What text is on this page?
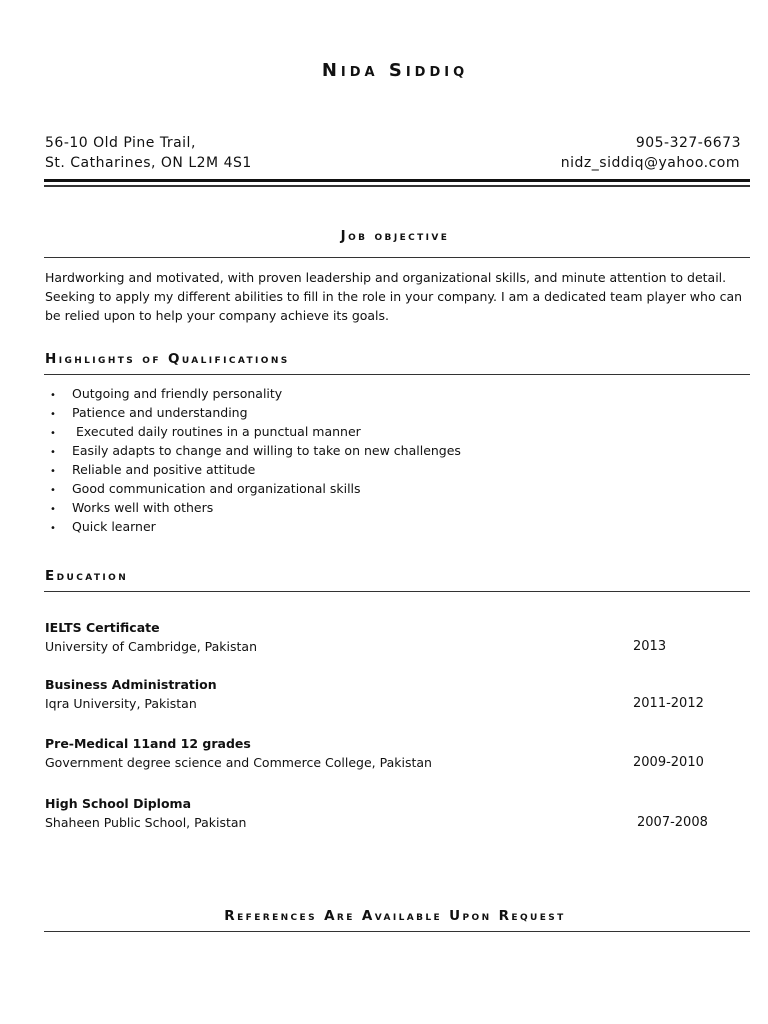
Nida Siddiq
56-10 Old Pine Trail,
St. Catharines, ON L2M 4S1
905-327-6673
nidz_siddiq@yahoo.com
Job objective
Hardworking and motivated, with proven leadership and organizational skills, and minute attention to detail. Seeking to apply my different abilities to fill in the role in your company. I am a dedicated team player who can be relied upon to help your company achieve its goals.
Highlights of Qualifications
• Outgoing and friendly personality
• Patience and understanding
• Executed daily routines in a punctual manner
• Easily adapts to change and willing to take on new challenges
• Reliable and positive attitude
• Good communication and organizational skills
• Works well with others
• Quick learner
Education
IELTS Certificate
University of Cambridge, Pakistan	2013
Business Administration
Iqra University, Pakistan	2011-2012
Pre-Medical 11and 12 grades
Government degree science and Commerce College, Pakistan	2009-2010
High School Diploma
Shaheen Public School, Pakistan	2007-2008
References Are Available Upon Request
